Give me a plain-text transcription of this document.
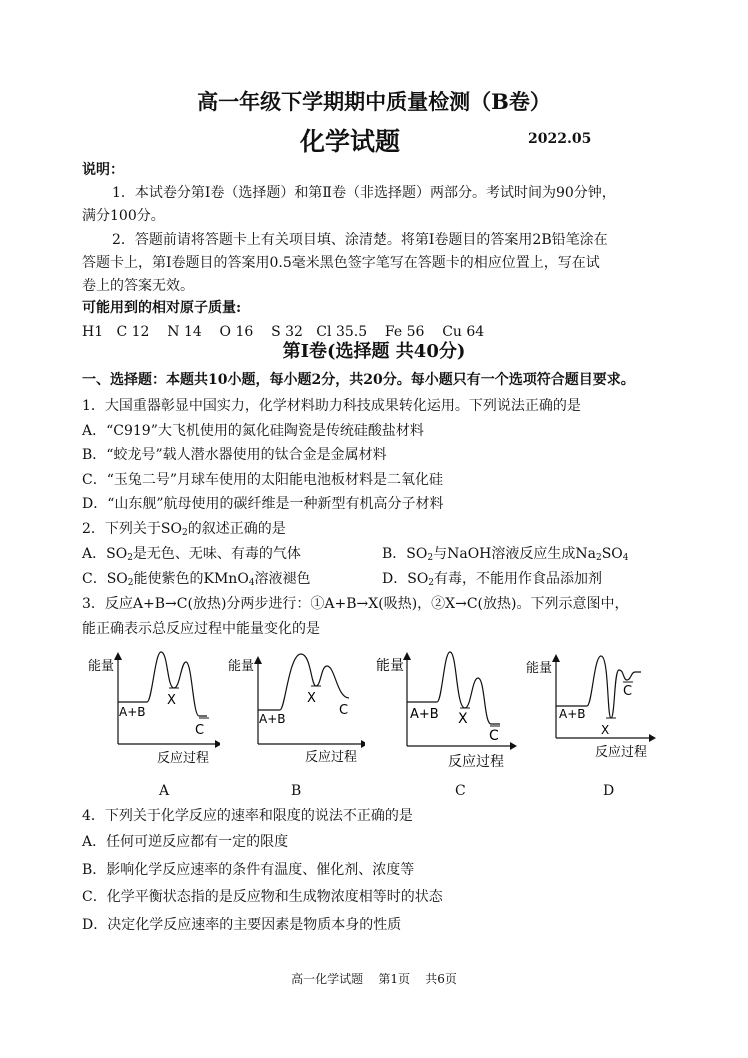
高一年级下学期期中质量检测（B卷）
化学试题	2022.05
说明：
1．本试卷分第Ⅰ卷（选择题）和第Ⅱ卷（非选择题）两部分。考试时间为90分钟，
满分100分。
2．答题前请将答题卡上有关项目填、涂清楚。将第Ⅰ卷题目的答案用2B铅笔涂在
答题卡上，第Ⅰ卷题目的答案用0.5毫米黑色签字笔写在答题卡的相应位置上，写在试
卷上的答案无效。
可能用到的相对原子质量:
H1   C 12    N 14    O 16    S 32   Cl 35.5    Fe 56    Cu 64
第Ⅰ卷(选择题 共40分)
一、选择题：本题共10小题，每小题2分，共20分。每小题只有一个选项符合题目要求。
1．大国重器彰显中国实力，化学材料助力科技成果转化运用。下列说法正确的是
A．“C919”大飞机使用的氮化硅陶瓷是传统硅酸盐材料
B．“蛟龙号”载人潜水器使用的钛合金是金属材料
C．“玉兔二号”月球车使用的太阳能电池板材料是二氧化硅
D．“山东舰”航母使用的碳纤维是一种新型有机高分子材料
2．下列关于$SO_2$的叙述正确的是
A．$SO_2$是无色、无味、有毒的气体	B．$SO_2$与NaOH溶液反应生成$Na_2SO_4$
C．$SO_2$能使紫色的KMnO$_4$溶液褪色	D．$SO_2$有毒，不能用作食品添加剂
3．反应A+B→C(放热)分两步进行：①A+B→X(吸热)，②X→C(放热)。下列示意图中，
能正确表示总反应过程中能量变化的是
能量
A+B
X
C
反应过程
A
能量
A+B
X
C
反应过程
B
能量
A+B X
C
反应过程
C
能量
A+B
X
C
反应过程
D
4．下列关于化学反应的速率和限度的说法不正确的是
A．任何可逆反应都有一定的限度
B．影响化学反应速率的条件有温度、催化剂、浓度等
C．化学平衡状态指的是反应物和生成物浓度相等时的状态
D．决定化学反应速率的主要因素是物质本身的性质
高一化学试题    第1页    共6页
